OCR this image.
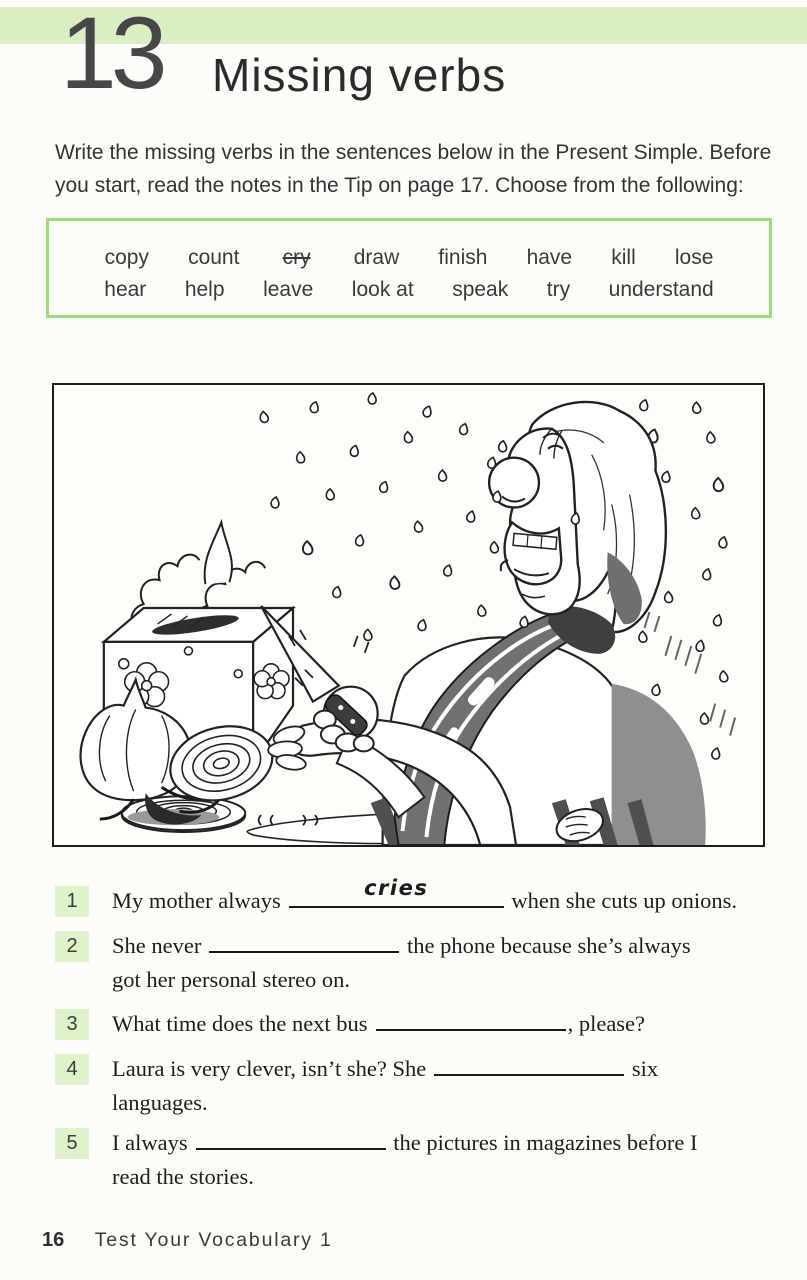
13 Missing verbs
Write the missing verbs in the sentences below in the Present Simple. Before
you start, read the notes in the Tip on page 17. Choose from the following:
copy count cry draw finish have kill lose
hear help leave look at speak try understand
1	My mother always	cries	when she cuts up onions.
2	She never	the phone because she’s always
got her personal stereo on.
3	What time does the next bus	, please?
4	Laura is very clever, isn’t she? She	six
languages.
5	I always	the pictures in magazines before I
read the stories.
16 Test Your Vocabulary 1
